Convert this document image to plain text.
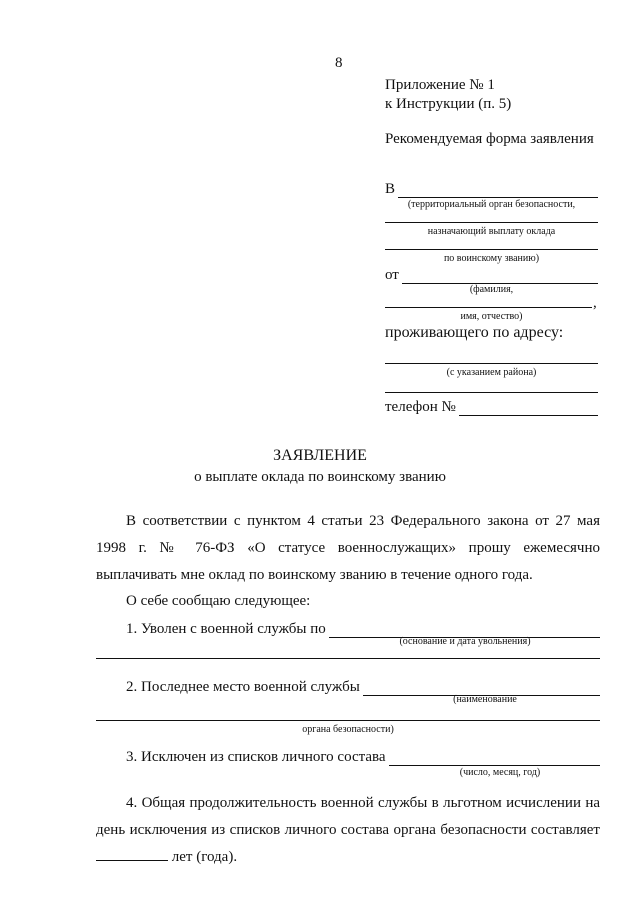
8
Приложение № 1
к Инструкции (п. 5)
Рекомендуемая форма заявления
В
(территориальный орган безопасности,
назначающий выплату оклада
по воинскому званию)
от
(фамилия,
,
имя, отчество)
проживающего по адресу:
(с указанием района)
телефон №
ЗАЯВЛЕНИЕ
о выплате оклада по воинскому званию
В соответствии с пунктом 4 статьи 23 Федерального закона от 27 мая 1998 г. № 76-ФЗ «О статусе военнослужащих» прошу ежемесячно выплачивать мне оклад по воинскому званию в течение одного года.
О себе сообщаю следующее:
1. Уволен с военной службы по
(основание и дата увольнения)
2. Последнее место военной службы
(наименование
органа безопасности)
3. Исключен из списков личного состава
(число, месяц, год)
4. Общая продолжительность военной службы в льготном исчислении на день исключения из списков личного состава органа безопасности составляет  лет (года).
